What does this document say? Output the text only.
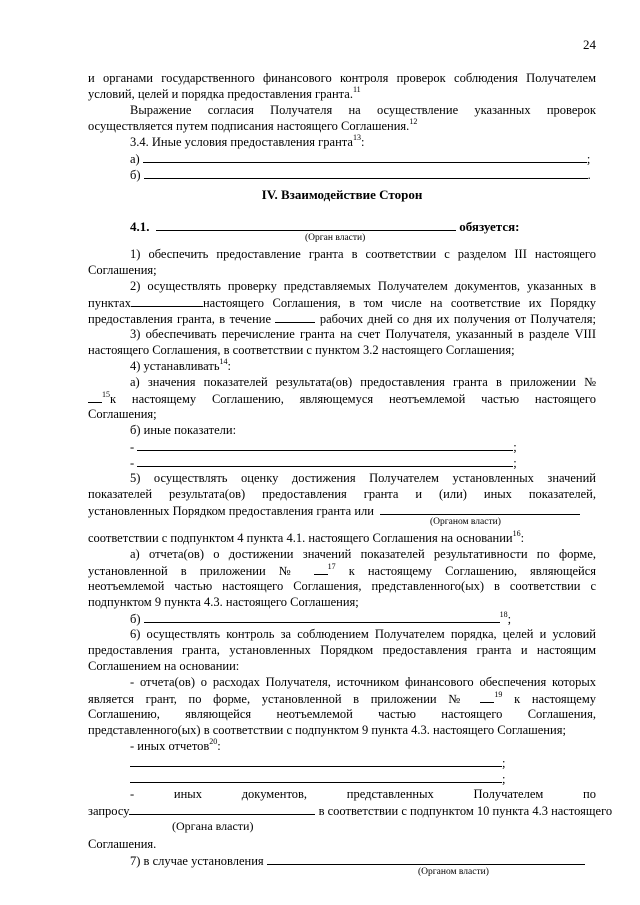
24
и органами государственного финансового контроля проверок соблюдения Получателем
условий, целей и порядка предоставления гранта.$^{11}$
Выражение согласия Получателя на осуществление указанных проверок
осуществляется путем подписания настоящего Соглашения.$^{12}$
3.4. Иные условия предоставления гранта$^{13}$:
а)	;
б)	.
IV. Взаимодействие Сторон
4.1.	обязуется:
(Орган власти)
1) обеспечить предоставление гранта в соответствии с разделом III настоящего
Соглашения;
2) осуществлять проверку представляемых Получателем документов, указанных в
пунктах	настоящего Соглашения, в том числе на соответствие их Порядку
предоставления гранта, в течение	рабочих дней со дня их получения от Получателя;
3) обеспечивать перечисление гранта на счет Получателя, указанный в разделе VIII
настоящего Соглашения, в соответствии с пунктом 3.2 настоящего Соглашения;
4) устанавливать$^{14}$:
а) значения показателей результата(ов) предоставления гранта в приложении №
$^{15}$к настоящему Соглашению, являющемуся неотъемлемой частью настоящего
Соглашения;
б) иные показатели:
-	;
-	;
5) осуществлять оценку достижения Получателем установленных значений
показателей результата(ов) предоставления гранта и (или) иных показателей,
установленных Порядком предоставления гранта или
(Органом власти)
соответствии с подпунктом 4 пункта 4.1. настоящего Соглашения на основании$^{16}$:
а) отчета(ов) о достижении значений показателей результативности по форме,
установленной в приложении №	$^{17}$ к настоящему Соглашению, являющейся
неотъемлемой частью настоящего Соглашения, представленного(ых) в соответствии с
подпунктом 9 пункта 4.3. настоящего Соглашения;
б)	$^{18}$;
6) осуществлять контроль за соблюдением Получателем порядка, целей и условий
предоставления гранта, установленных Порядком предоставления гранта и настоящим
Соглашением на основании:
- отчета(ов) о расходах Получателя, источником финансового обеспечения которых
является грант, по форме, установленной в приложении №	$^{19}$ к настоящему
Соглашению, являющейся неотъемлемой частью настоящего Соглашения,
представленного(ых) в соответствии с подпунктом 9 пункта 4.3. настоящего Соглашения;
- иных отчетов$^{20}$:
;
;
- иных документов, представленных Получателем по
запросу	в соответствии с подпунктом 10 пункта 4.3 настоящего
(Органа власти)
Соглашения.
7) в случае установления
(Органом власти)
